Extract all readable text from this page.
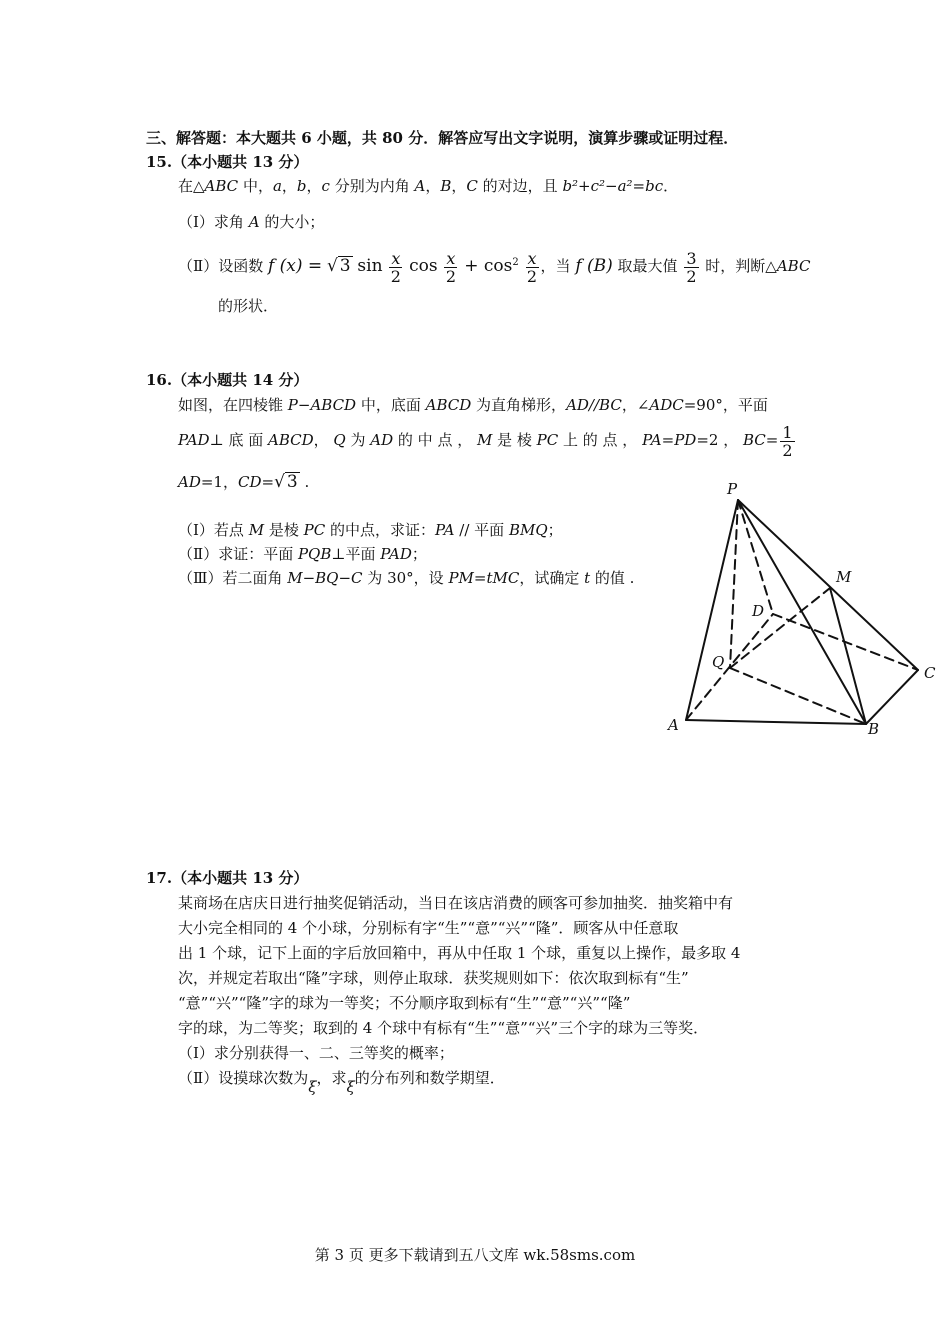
三、解答题：本大题共 6 小题，共 80 分．解答应写出文字说明，演算步骤或证明过程．
15.（本小题共 13 分）
在△ABC 中，a，b，c 分别为内角 A，B，C 的对边，且 b²+c²−a²=bc．
（Ⅰ）求角 A 的大小；
（Ⅱ）设函数 f (x) = √ 3 $\sin \frac{x}{2}$ $\cos \frac{x}{2} + \cos^2 \frac{x}{2}$ ，当 f (B) 取最大值 $\frac{3}{2}$ 时，判断△ABC
的形状．
16.（本小题共 14 分）
如图，在四棱锥 P−ABCD 中，底面 ABCD 为直角梯形，AD//BC，∠ADC=90°，平面
PAD⊥ 底 面 ABCD， Q 为 AD 的 中 点 ， M 是 棱 PC 上 的 点 ， PA=PD=2 ， $BC= \frac{1}{2}$
AD=1，CD=√ 3 .
（Ⅰ）若点 M 是棱 PC 的中点，求证：PA // 平面 BMQ；
（Ⅱ）求证：平面 PQB⊥平面 PAD；
（Ⅲ）若二面角 M−BQ−C 为 30°，设 PM=tMC，试确定 t 的值 .
P
M
D
Q
C
A	B
17.（本小题共 13 分）
某商场在店庆日进行抽奖促销活动，当日在该店消费的顾客可参加抽奖．抽奖箱中有
大小完全相同的 4 个小球，分别标有字“生”“意”“兴”“隆”．顾客从中任意取
出 1 个球，记下上面的字后放回箱中，再从中任取 1 个球，重复以上操作，最多取 4
次，并规定若取出“隆”字球，则停止取球．获奖规则如下：依次取到标有“生”
“意”“兴”“隆”字的球为一等奖；不分顺序取到标有“生”“意”“兴”“隆”
字的球，为二等奖；取到的 4 个球中有标有“生”“意”“兴”三个字的球为三等奖．
（Ⅰ）求分别获得一、二、三等奖的概率；
（Ⅱ）设摸球次数为ξ，求ξ的分布列和数学期望．
第 3 页 更多下载请到五八文库 wk.58sms.com
